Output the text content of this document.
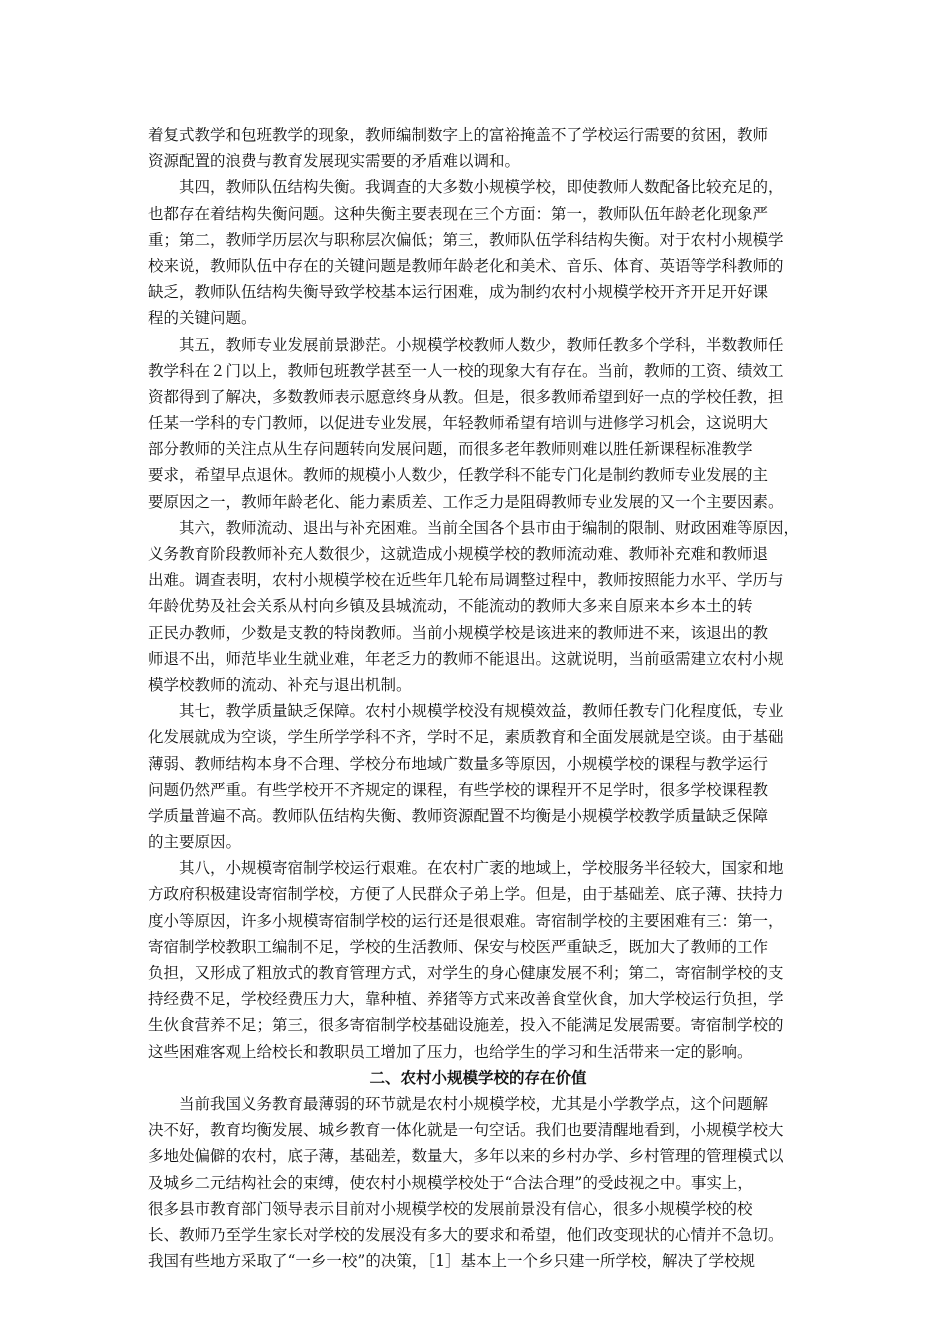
着复式教学和包班教学的现象，教师编制数字上的富裕掩盖不了学校运行需要的贫困，教师
资源配置的浪费与教育发展现实需要的矛盾难以调和。
其四，教师队伍结构失衡。我调查的大多数小规模学校，即使教师人数配备比较充足的，
也都存在着结构失衡问题。这种失衡主要表现在三个方面：第一，教师队伍年龄老化现象严
重；第二，教师学历层次与职称层次偏低；第三，教师队伍学科结构失衡。对于农村小规模学
校来说，教师队伍中存在的关键问题是教师年龄老化和美术、音乐、体育、英语等学科教师的
缺乏，教师队伍结构失衡导致学校基本运行困难，成为制约农村小规模学校开齐开足开好课
程的关键问题。
其五，教师专业发展前景渺茫。小规模学校教师人数少，教师任教多个学科，半数教师任
教学科在２门以上，教师包班教学甚至一人一校的现象大有存在。当前，教师的工资、绩效工
资都得到了解决，多数教师表示愿意终身从教。但是，很多教师希望到好一点的学校任教，担
任某一学科的专门教师，以促进专业发展，年轻教师希望有培训与进修学习机会，这说明大
部分教师的关注点从生存问题转向发展问题，而很多老年教师则难以胜任新课程标准教学
要求，希望早点退休。教师的规模小人数少，任教学科不能专门化是制约教师专业发展的主
要原因之一，教师年龄老化、能力素质差、工作乏力是阻碍教师专业发展的又一个主要因素。
其六，教师流动、退出与补充困难。当前全国各个县市由于编制的限制、财政困难等原因，
义务教育阶段教师补充人数很少，这就造成小规模学校的教师流动难、教师补充难和教师退
出难。调查表明，农村小规模学校在近些年几轮布局调整过程中，教师按照能力水平、学历与
年龄优势及社会关系从村向乡镇及县城流动，不能流动的教师大多来自原来本乡本土的转
正民办教师，少数是支教的特岗教师。当前小规模学校是该进来的教师进不来，该退出的教
师退不出，师范毕业生就业难，年老乏力的教师不能退出。这就说明，当前亟需建立农村小规
模学校教师的流动、补充与退出机制。
其七，教学质量缺乏保障。农村小规模学校没有规模效益，教师任教专门化程度低，专业
化发展就成为空谈，学生所学学科不齐，学时不足，素质教育和全面发展就是空谈。由于基础
薄弱、教师结构本身不合理、学校分布地域广数量多等原因，小规模学校的课程与教学运行
问题仍然严重。有些学校开不齐规定的课程，有些学校的课程开不足学时，很多学校课程教
学质量普遍不高。教师队伍结构失衡、教师资源配置不均衡是小规模学校教学质量缺乏保障
的主要原因。
其八，小规模寄宿制学校运行艰难。在农村广袤的地域上，学校服务半径较大，国家和地
方政府积极建设寄宿制学校，方便了人民群众子弟上学。但是，由于基础差、底子薄、扶持力
度小等原因，许多小规模寄宿制学校的运行还是很艰难。寄宿制学校的主要困难有三：第一，
寄宿制学校教职工编制不足，学校的生活教师、保安与校医严重缺乏，既加大了教师的工作
负担，又形成了粗放式的教育管理方式，对学生的身心健康发展不利；第二，寄宿制学校的支
持经费不足，学校经费压力大，靠种植、养猪等方式来改善食堂伙食，加大学校运行负担，学
生伙食营养不足；第三，很多寄宿制学校基础设施差，投入不能满足发展需要。寄宿制学校的
这些困难客观上给校长和教职员工增加了压力，也给学生的学习和生活带来一定的影响。
二、农村小规模学校的存在价值
当前我国义务教育最薄弱的环节就是农村小规模学校，尤其是小学教学点，这个问题解
决不好，教育均衡发展、城乡教育一体化就是一句空话。我们也要清醒地看到，小规模学校大
多地处偏僻的农村，底子薄，基础差，数量大，多年以来的乡村办学、乡村管理的管理模式以
及城乡二元结构社会的束缚，使农村小规模学校处于“合法合理”的受歧视之中。事实上，
很多县市教育部门领导表示目前对小规模学校的发展前景没有信心，很多小规模学校的校
长、教师乃至学生家长对学校的发展没有多大的要求和希望，他们改变现状的心情并不急切。
我国有些地方采取了“一乡一校”的决策，［1］基本上一个乡只建一所学校，解决了学校规
